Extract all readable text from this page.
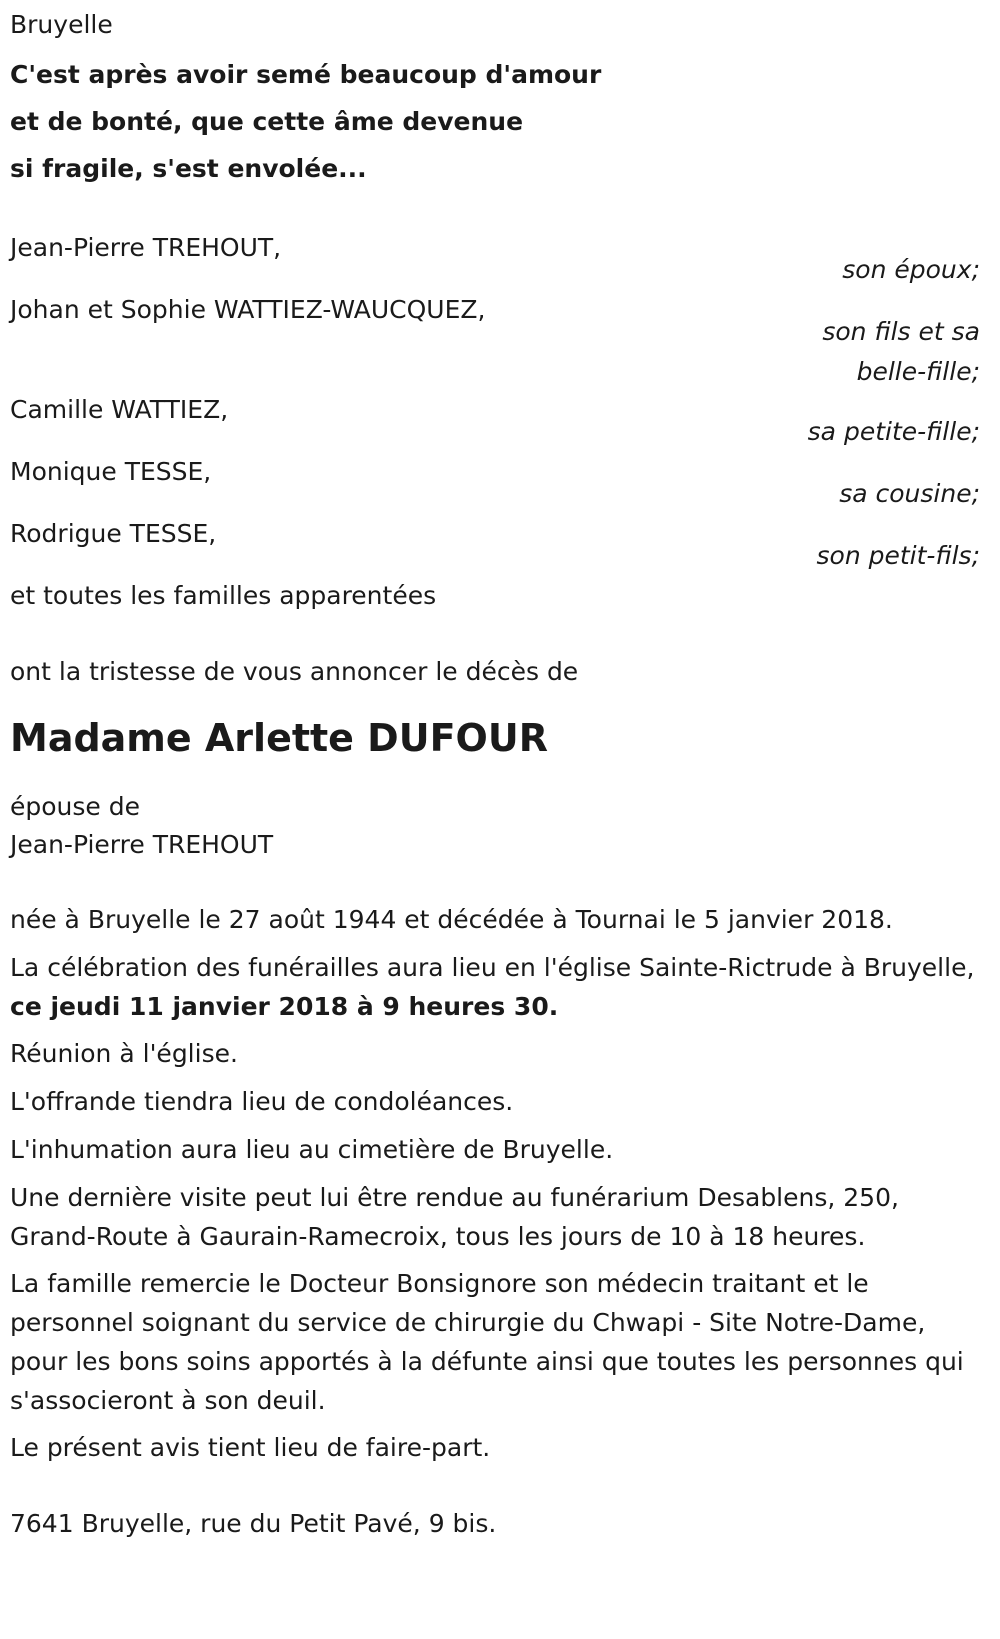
Bruyelle

C'est après avoir semé beaucoup d'amour

et de bonté, que cette âme devenue

si fragile, s'est envolée...

Jean-Pierre TREHOUT,
son époux;
Johan et Sophie WATTIEZ-WAUCQUEZ,
son fils et sa belle-fille;
Camille WATTIEZ,
sa petite-fille;
Monique TESSE,
sa cousine;
Rodrigue TESSE,
son petit-fils;

et toutes les familles apparentées

ont la tristesse de vous annoncer le décès de

Madame Arlette DUFOUR

épouse de

Jean-Pierre TREHOUT

née à Bruyelle le 27 août 1944 et décédée à Tournai le 5 janvier 2018.

La célébration des funérailles aura lieu en l'église Sainte-Rictrude à Bruyelle, ce jeudi 11 janvier 2018 à 9 heures 30.

Réunion à l'église.

L'offrande tiendra lieu de condoléances.

L'inhumation aura lieu au cimetière de Bruyelle.

Une dernière visite peut lui être rendue au funérarium Desablens, 250, Grand-Route à Gaurain-Ramecroix, tous les jours de 10 à 18 heures.

La famille remercie le Docteur Bonsignore son médecin traitant et le personnel soignant du service de chirurgie du Chwapi - Site Notre-Dame, pour les bons soins apportés à la défunte ainsi que toutes les personnes qui s'associeront à son deuil.

Le présent avis tient lieu de faire-part.

7641 Bruyelle, rue du Petit Pavé, 9 bis.
